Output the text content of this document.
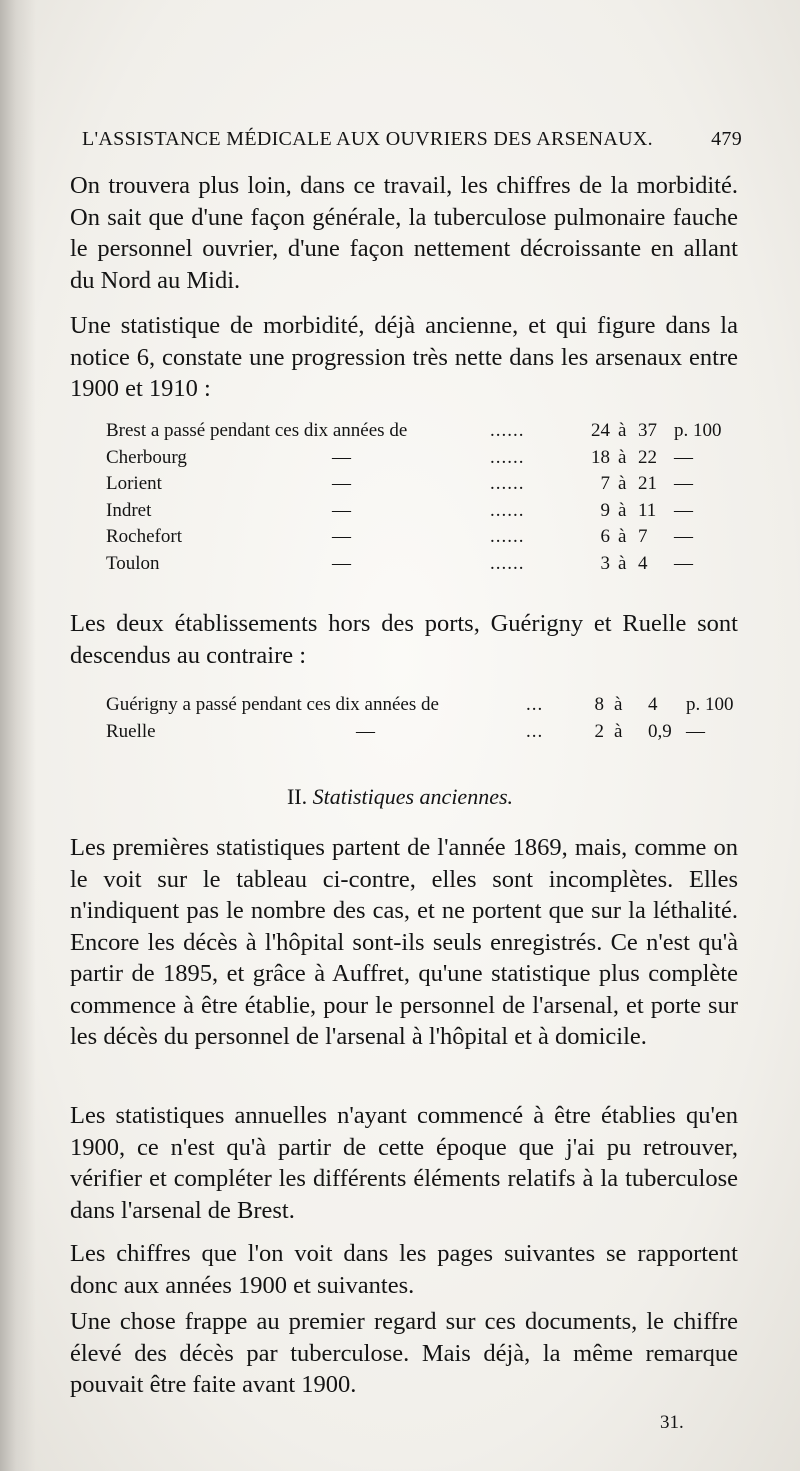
L'ASSISTANCE MÉDICALE AUX OUVRIERS DES ARSENAUX.	479

On trouvera plus loin, dans ce travail, les chiffres de la morbidité. On sait que d'une façon générale, la tuberculose pulmonaire fauche le personnel ouvrier, d'une façon nettement décroissante en allant du Nord au Midi.

Une statistique de morbidité, déjà ancienne, et qui figure dans la notice 6, constate une progression très nette dans les arsenaux entre 1900 et 1910 :

Brest a passé pendant ces dix années de	......	24 à 37 p. 100
Cherbourg	—	......	18 à 22 —
Lorient	—	......	7 à 21 —
Indret	—	......	9 à 11 —
Rochefort	—	......	6 à 7	—
Toulon	—	......	3 à 4	—

Les deux établissements hors des ports, Guérigny et Ruelle sont descendus au contraire :

Guérigny a passé pendant ces dix années de	...	8 à 4	p. 100
Ruelle	—	...	2 à 0,9 —
II. Statistiques anciennes.

Les premières statistiques partent de l'année 1869, mais, comme on le voit sur le tableau ci-contre, elles sont incomplètes. Elles n'indiquent pas le nombre des cas, et ne portent que sur la léthalité. Encore les décès à l'hôpital sont-ils seuls enregistrés. Ce n'est qu'à partir de 1895, et grâce à Auffret, qu'une statistique plus complète commence à être établie, pour le personnel de l'arsenal, et porte sur les décès du personnel de l'arsenal à l'hôpital et à domicile.

Les statistiques annuelles n'ayant commencé à être établies qu'en 1900, ce n'est qu'à partir de cette époque que j'ai pu retrouver, vérifier et compléter les différents éléments relatifs à la tuberculose dans l'arsenal de Brest.

Les chiffres que l'on voit dans les pages suivantes se rapportent donc aux années 1900 et suivantes.

Une chose frappe au premier regard sur ces documents, le chiffre élevé des décès par tuberculose. Mais déjà, la même remarque pouvait être faite avant 1900.

31.
